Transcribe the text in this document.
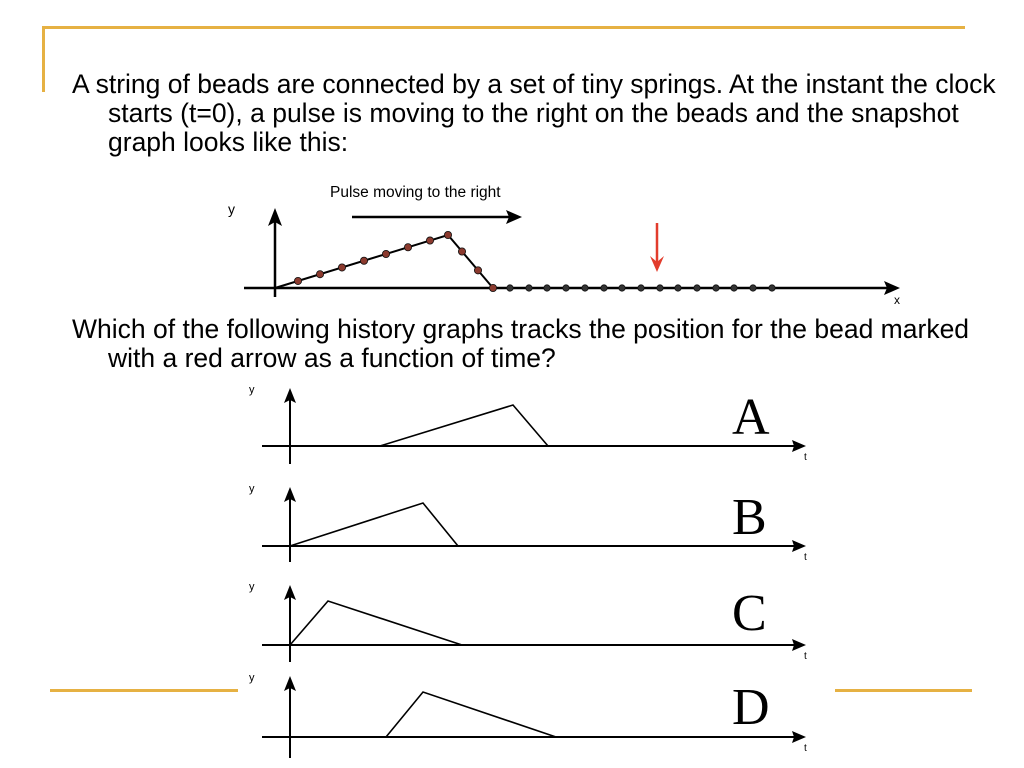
A string of beads are connected by a set of tiny springs. At the instant the clock starts (t=0), a pulse is moving to the right on the beads and the snapshot graph looks like this:

Which of the following history graphs tracks the position for the bead marked with a red arrow as a function of time?

y
x
Pulse moving to the right
y
t
A
y
t
B
y
t
C
y
t
D
